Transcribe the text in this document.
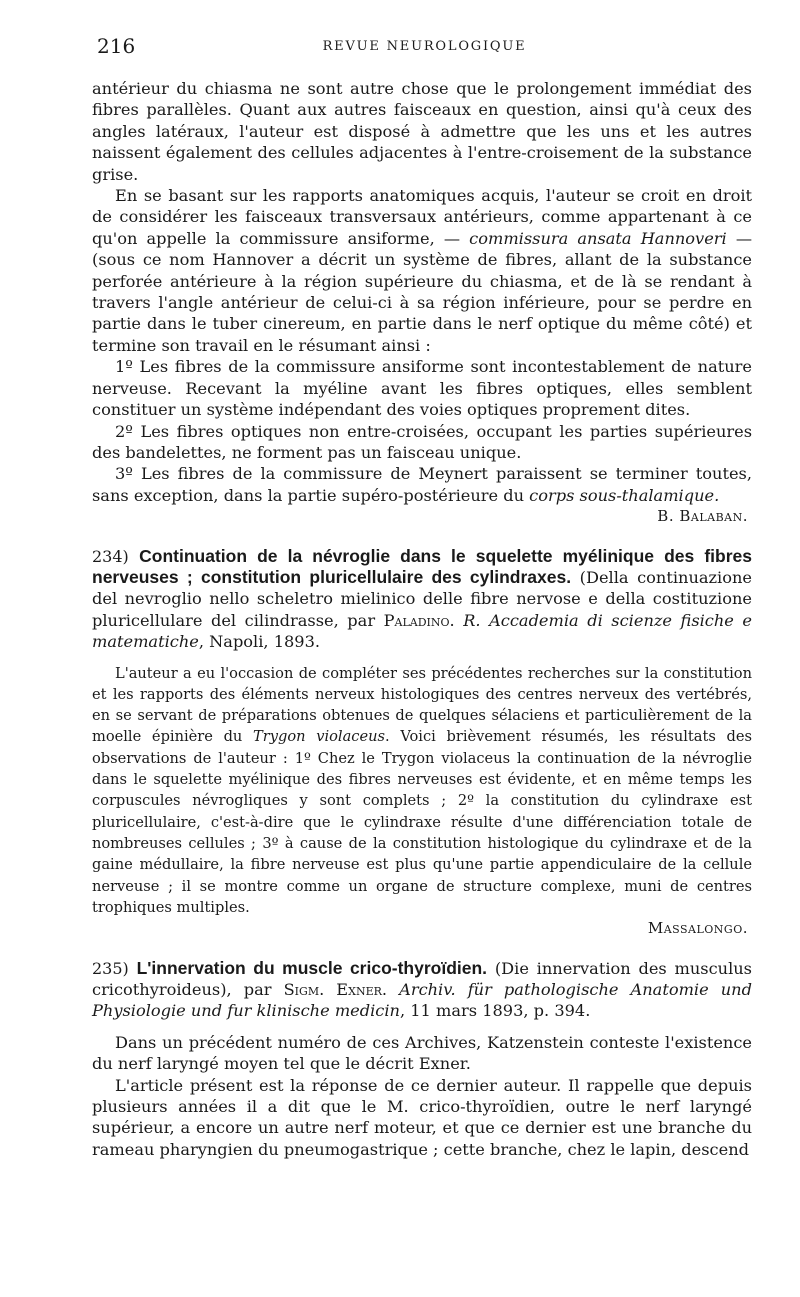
216	REVUE NEUROLOGIQUE

antérieur du chiasma ne sont autre chose que le prolongement immédiat des fibres parallèles. Quant aux autres faisceaux en question, ainsi qu'à ceux des angles latéraux, l'auteur est disposé à admettre que les uns et les autres naissent également des cellules adjacentes à l'entre-croisement de la substance grise.

En se basant sur les rapports anatomiques acquis, l'auteur se croit en droit de considérer les faisceaux transversaux antérieurs, comme appartenant à ce qu'on appelle la commissure ansiforme, — commissura ansata Hannoveri — (sous ce nom Hannover a décrit un système de fibres, allant de la substance perforée antérieure à la région supérieure du chiasma, et de là se rendant à travers l'angle antérieur de celui-ci à sa région inférieure, pour se perdre en partie dans le tuber cinereum, en partie dans le nerf optique du même côté) et termine son travail en le résumant ainsi :

1º Les fibres de la commissure ansiforme sont incontestablement de nature nerveuse. Recevant la myéline avant les fibres optiques, elles semblent constituer un système indépendant des voies optiques proprement dites.

2º Les fibres optiques non entre-croisées, occupant les parties supérieures des bandelettes, ne forment pas un faisceau unique.

3º Les fibres de la commissure de Meynert paraissent se terminer toutes, sans exception, dans la partie supéro-postérieure du corps sous-thalamique.

B. Balaban.

234) Continuation de la névroglie dans le squelette myélinique des fibres nerveuses ; constitution pluricellulaire des cylindraxes. (Della continuazione del nevroglio nello scheletro mielinico delle fibre nervose e della costituzione pluricellulare del cilindrasse, par Paladino. R. Accademia di scienze fisiche e matematiche, Napoli, 1893.

L'auteur a eu l'occasion de compléter ses précédentes recherches sur la constitution et les rapports des éléments nerveux histologiques des centres nerveux des vertébrés, en se servant de préparations obtenues de quelques sélaciens et particulièrement de la moelle épinière du Trygon violaceus. Voici brièvement résumés, les résultats des observations de l'auteur : 1º Chez le Trygon violaceus la continuation de la névroglie dans le squelette myélinique des fibres nerveuses est évidente, et en même temps les corpuscules névrogliques y sont complets ; 2º la constitution du cylindraxe est pluricellulaire, c'est-à-dire que le cylindraxe résulte d'une différenciation totale de nombreuses cellules ; 3º à cause de la constitution histologique du cylindraxe et de la gaine médullaire, la fibre nerveuse est plus qu'une partie appendiculaire de la cellule nerveuse ; il se montre comme un organe de structure complexe, muni de centres trophiques multiples.

Massalongo.

235) L'innervation du muscle crico-thyroïdien. (Die innervation des musculus cricothyroideus), par Sigm. Exner. Archiv. für pathologische Anatomie und Physiologie und fur klinische medicin, 11 mars 1893, p. 394.

Dans un précédent numéro de ces Archives, Katzenstein conteste l'existence du nerf laryngé moyen tel que le décrit Exner.

L'article présent est la réponse de ce dernier auteur. Il rappelle que depuis plusieurs années il a dit que le M. crico-thyroïdien, outre le nerf laryngé supérieur, a encore un autre nerf moteur, et que ce dernier est une branche du rameau pharyngien du pneumogastrique ; cette branche, chez le lapin, descend
